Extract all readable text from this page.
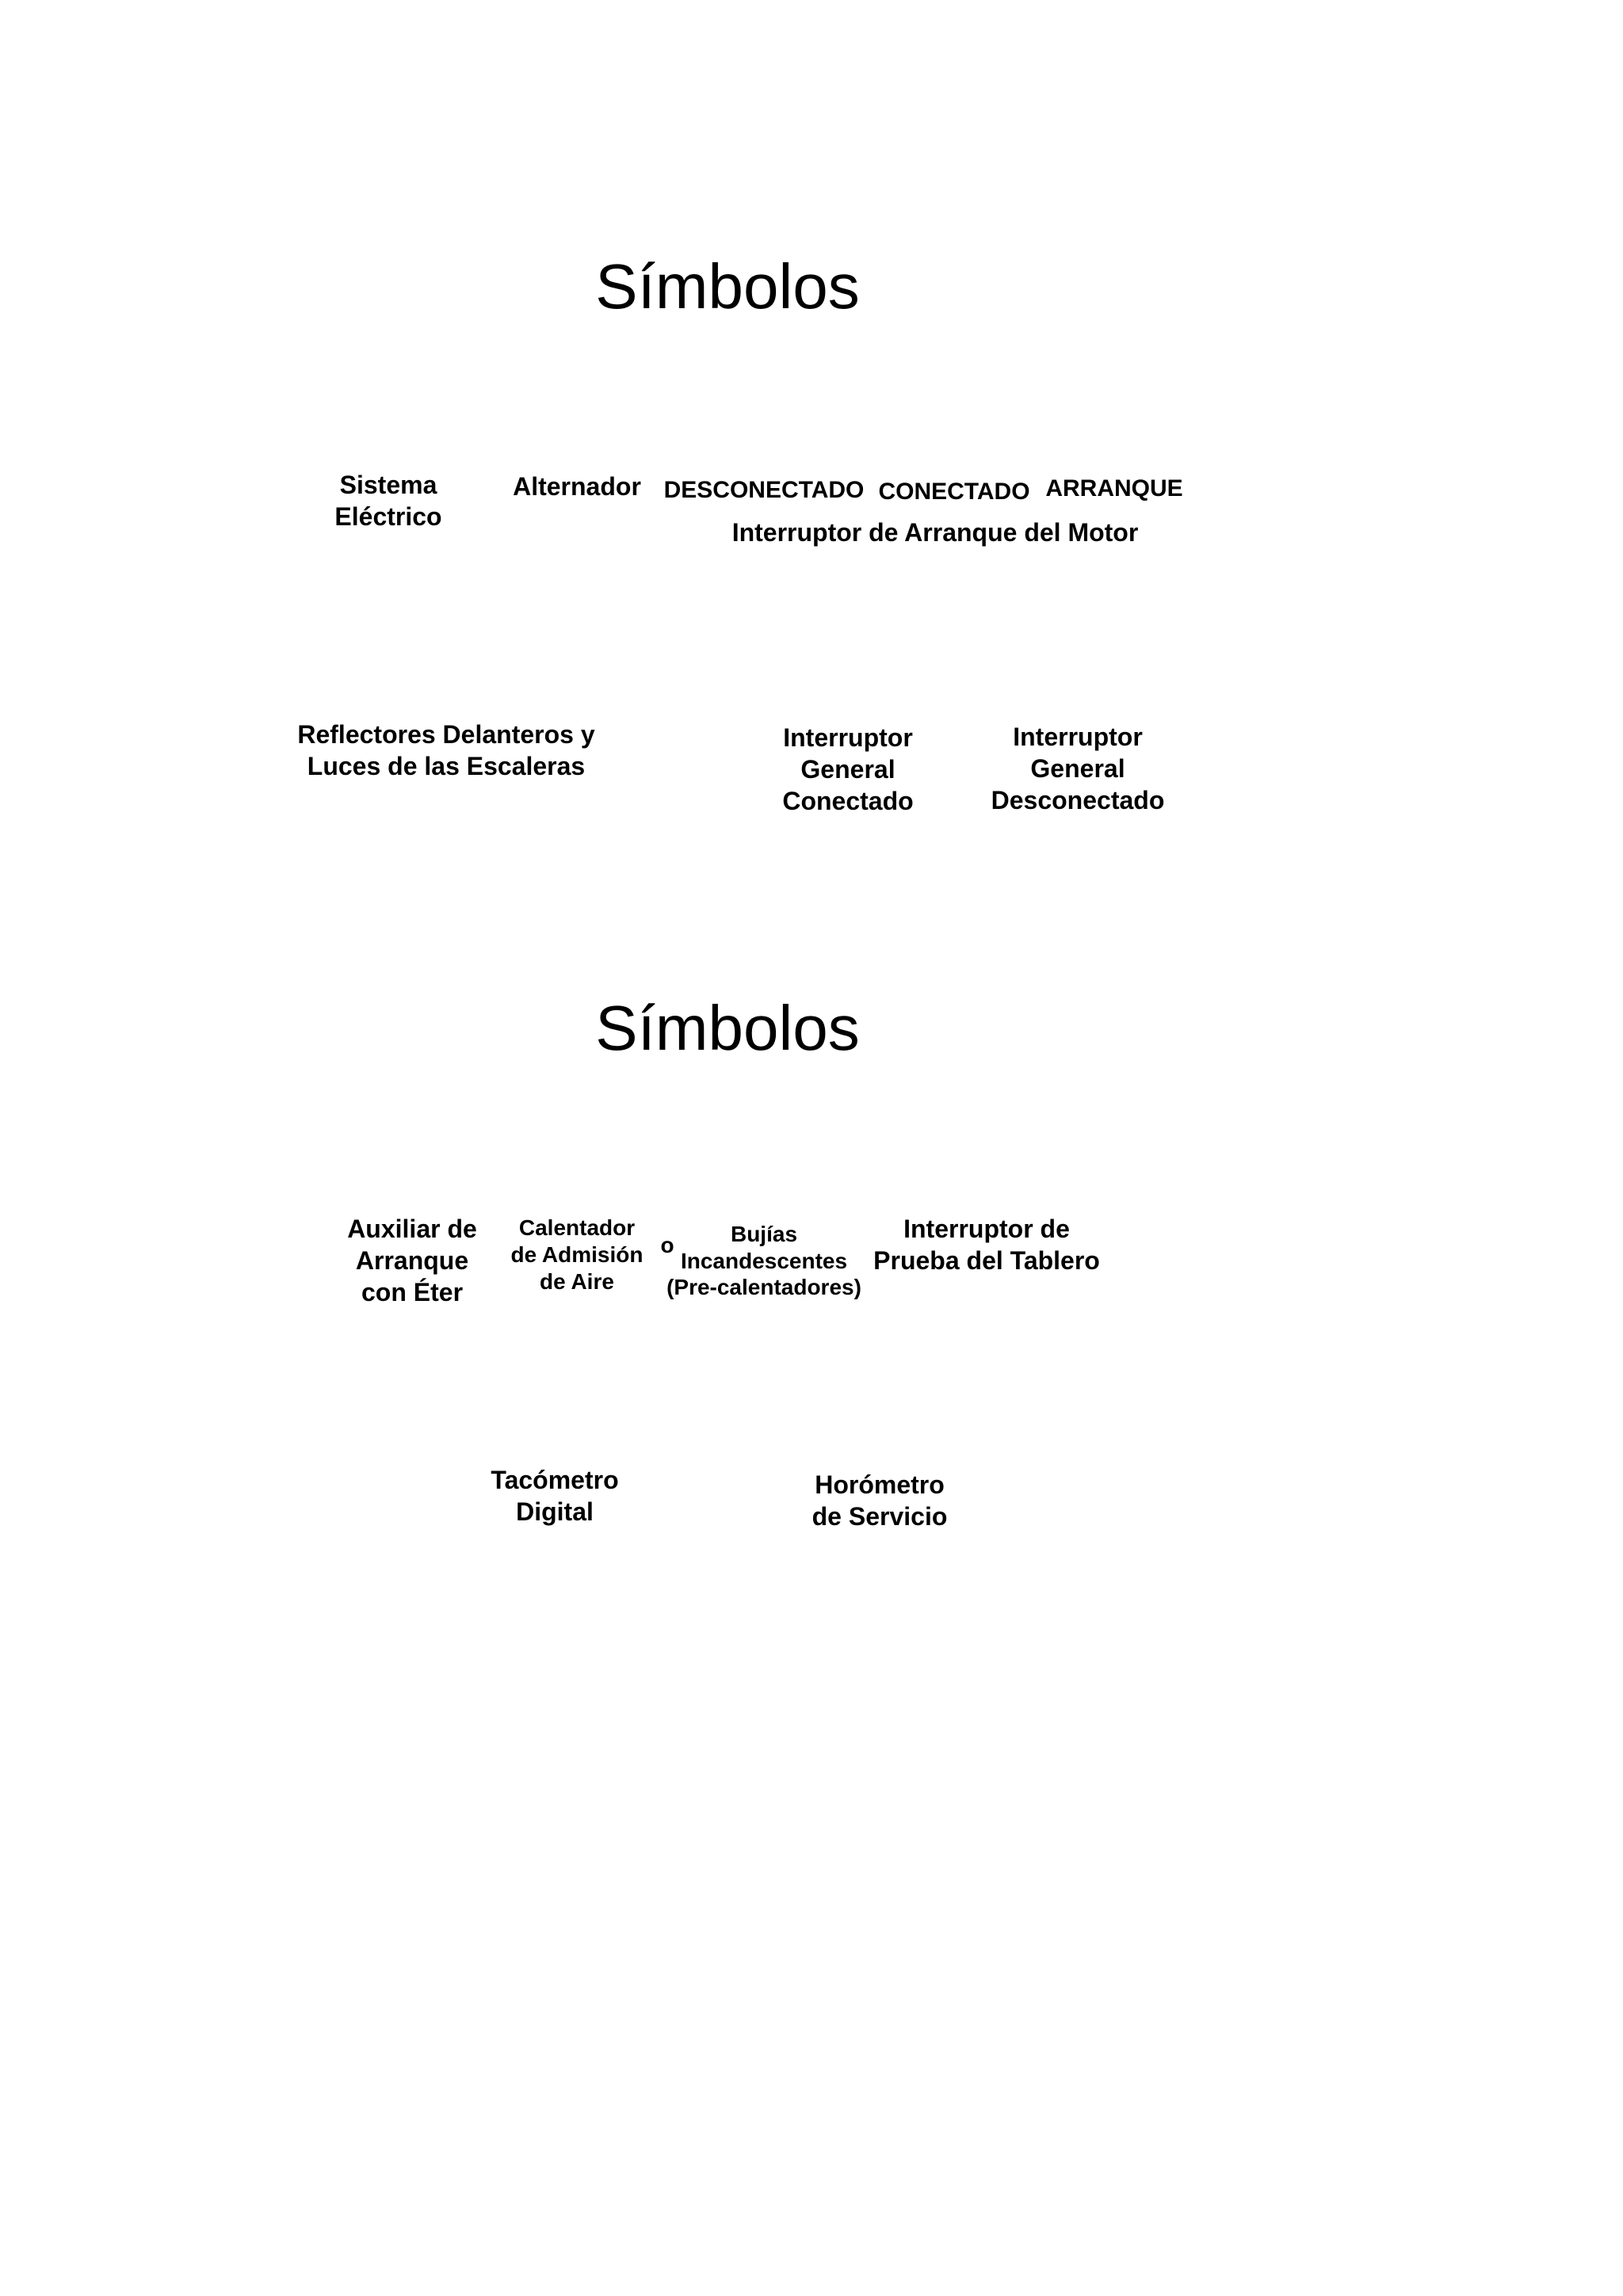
Símbolos
Sistema
Eléctrico
Alternador DESCONECTADO CONECTADO ARRANQUE
Interruptor de Arranque del Motor
Reflectores Delanteros y
Luces de las Escaleras
Interruptor
General
Conectado
Interruptor
General
Desconectado
Símbolos
Auxiliar de
Arranque
con Éter
Calentador
de Admisión
de Aire
o	Bujías
Incandescentes
(Pre-calentadores)
Interruptor de
Prueba del Tablero
Tacómetro
Digital
Horómetro
de Servicio
